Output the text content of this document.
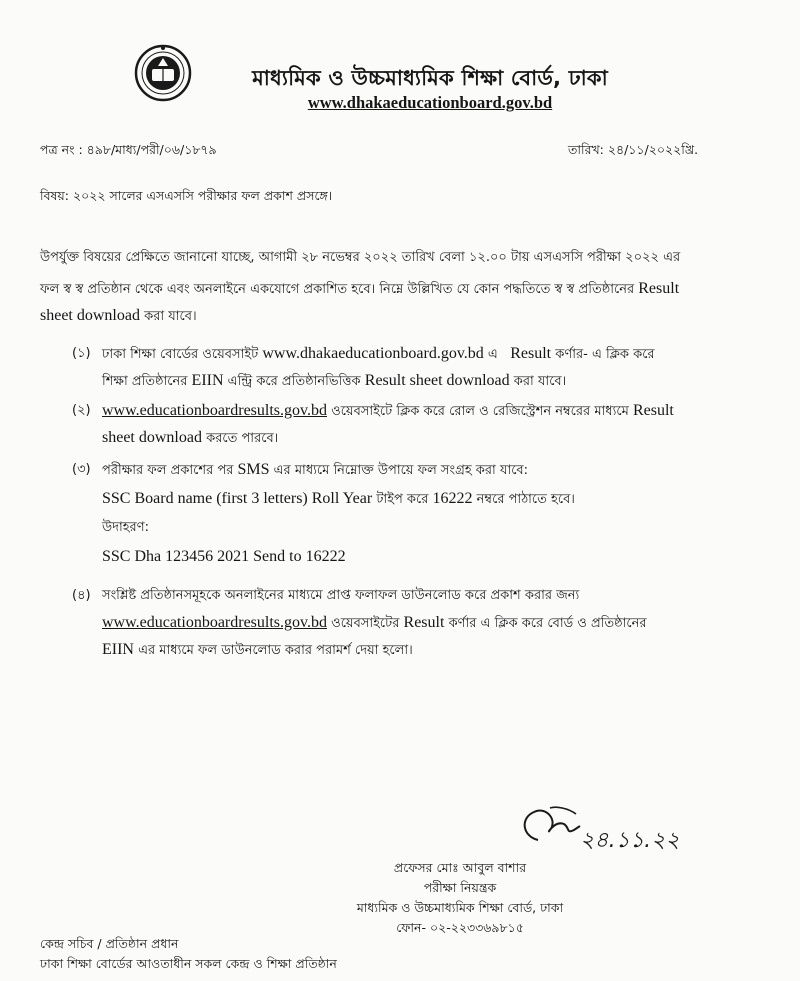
মাধ্যমিক ও উচ্চমাধ্যমিক শিক্ষা বোর্ড, ঢাকা
www.dhakaeducationboard.gov.bd
পত্র নং : ৪৯৮/মাধ্য/পরী/০৬/১৮৭৯	তারিখ: ২৪/১১/২০২২খ্রি.
বিষয়: ২০২২ সালের এসএসসি পরীক্ষার ফল প্রকাশ প্রসঙ্গে।
উপর্যুক্ত বিষয়ের প্রেক্ষিতে জানানো যাচ্ছে, আগামী ২৮ নভেম্বর ২০২২ তারিখ বেলা ১২.০০ টায় এসএসসি পরীক্ষা ২০২২ এর
ফল স্ব স্ব প্রতিষ্ঠান থেকে এবং অনলাইনে একযোগে প্রকাশিত হবে। নিম্নে উল্লিখিত যে কোন পদ্ধতিতে স্ব স্ব প্রতিষ্ঠানের Result
sheet download করা যাবে।
(১) ঢাকা শিক্ষা বোর্ডের ওয়েবসাইট www.dhakaeducationboard.gov.bd এ Result কর্ণার- এ ক্লিক করে
শিক্ষা প্রতিষ্ঠানের EIIN এন্ট্রি করে প্রতিষ্ঠানভিত্তিক Result sheet download করা যাবে।
(২) www.educationboardresults.gov.bd ওয়েবসাইটে ক্লিক করে রোল ও রেজিস্ট্রেশন নম্বরের মাধ্যমে Result
sheet download করতে পারবে।
(৩) পরীক্ষার ফল প্রকাশের পর SMS এর মাধ্যমে নিম্নোক্ত উপায়ে ফল সংগ্রহ করা যাবে:
SSC Board name (first 3 letters) Roll Year টাইপ করে 16222 নম্বরে পাঠাতে হবে।
উদাহরণ:
SSC Dha 123456 2021 Send to 16222
(৪) সংশ্লিষ্ট প্রতিষ্ঠানসমূহকে অনলাইনের মাধ্যমে প্রাপ্ত ফলাফল ডাউনলোড করে প্রকাশ করার জন্য
www.educationboardresults.gov.bd ওয়েবসাইটের Result কর্ণার এ ক্লিক করে বোর্ড ও প্রতিষ্ঠানের
EIIN এর মাধ্যমে ফল ডাউনলোড করার পরামর্শ দেয়া হলো।
২৪.১১.২২
প্রফেসর মোঃ আবুল বাশার
পরীক্ষা নিয়ন্ত্রক
মাধ্যমিক ও উচ্চমাধ্যমিক শিক্ষা বোর্ড, ঢাকা
ফোন- ০২-২২৩৩৬৯৮১৫
কেন্দ্র সচিব / প্রতিষ্ঠান প্রধান
ঢাকা শিক্ষা বোর্ডের আওতাধীন সকল কেন্দ্র ও শিক্ষা প্রতিষ্ঠান
